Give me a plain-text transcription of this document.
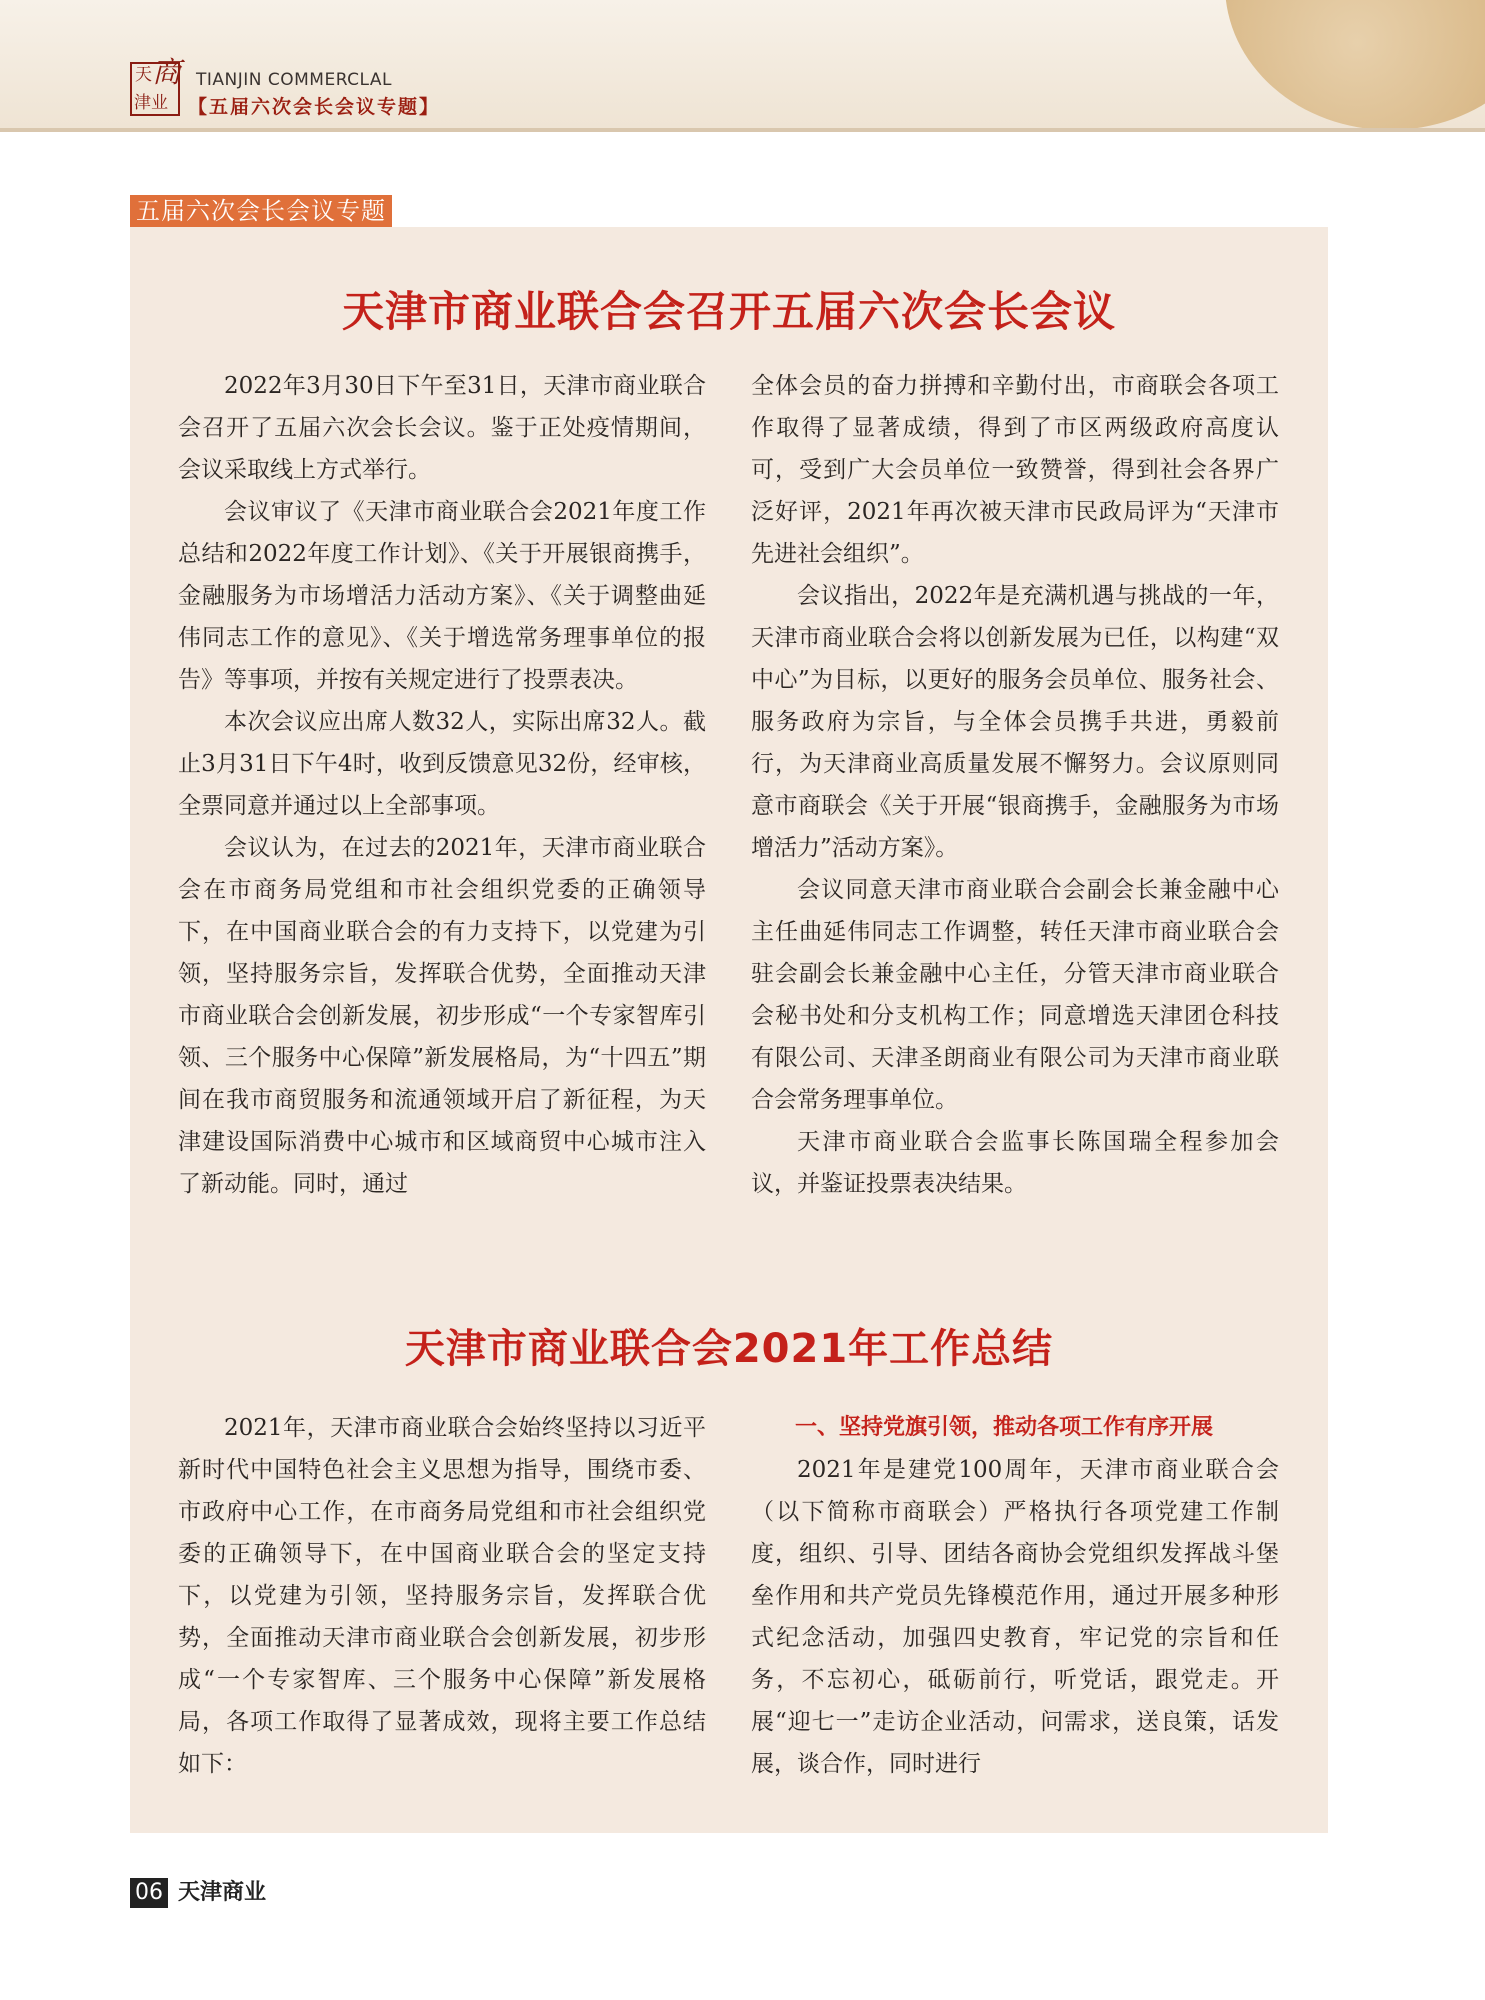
天 商
津业
TIANJIN COMMERCLAL
【五届六次会长会议专题】
五届六次会长会议专题
天津市商业联合会召开五届六次会长会议

2022年3月30日下午至31日，天津市商业联合会召开了五届六次会长会议。鉴于正处疫情期间，会议采取线上方式举行。

会议审议了《天津市商业联合会2021年度工作总结和2022年度工作计划》、《关于开展银商携手，金融服务为市场增活力活动方案》、《关于调整曲延伟同志工作的意见》、《关于增选常务理事单位的报告》等事项，并按有关规定进行了投票表决。

本次会议应出席人数32人，实际出席32人。截止3月31日下午4时，收到反馈意见32份，经审核，全票同意并通过以上全部事项。

会议认为，在过去的2021年，天津市商业联合会在市商务局党组和市社会组织党委的正确领导下，在中国商业联合会的有力支持下，以党建为引领，坚持服务宗旨，发挥联合优势，全面推动天津市商业联合会创新发展，初步形成“一个专家智库引领、三个服务中心保障”新发展格局，为“十四五”期间在我市商贸服务和流通领域开启了新征程，为天津建设国际消费中心城市和区域商贸中心城市注入了新动能。同时，通过

全体会员的奋力拼搏和辛勤付出，市商联会各项工作取得了显著成绩，得到了市区两级政府高度认可，受到广大会员单位一致赞誉，得到社会各界广泛好评，2021年再次被天津市民政局评为“天津市先进社会组织”。

会议指出，2022年是充满机遇与挑战的一年，天津市商业联合会将以创新发展为已任，以构建“双中心”为目标，以更好的服务会员单位、服务社会、服务政府为宗旨，与全体会员携手共进，勇毅前行，为天津商业高质量发展不懈努力。会议原则同意市商联会《关于开展“银商携手，金融服务为市场增活力”活动方案》。

会议同意天津市商业联合会副会长兼金融中心主任曲延伟同志工作调整，转任天津市商业联合会驻会副会长兼金融中心主任，分管天津市商业联合会秘书处和分支机构工作；同意增选天津团仓科技有限公司、天津圣朗商业有限公司为天津市商业联合会常务理事单位。

天津市商业联合会监事长陈国瑞全程参加会议，并鉴证投票表决结果。

天津市商业联合会2021年工作总结

2021年，天津市商业联合会始终坚持以习近平新时代中国特色社会主义思想为指导，围绕市委、市政府中心工作，在市商务局党组和市社会组织党委的正确领导下，在中国商业联合会的坚定支持下，以党建为引领，坚持服务宗旨，发挥联合优势，全面推动天津市商业联合会创新发展，初步形成“一个专家智库、三个服务中心保障”新发展格局，各项工作取得了显著成效，现将主要工作总结如下：

一、坚持党旗引领，推动各项工作有序开展

2021年是建党100周年，天津市商业联合会（以下简称市商联会）严格执行各项党建工作制度，组织、引导、团结各商协会党组织发挥战斗堡垒作用和共产党员先锋模范作用，通过开展多种形式纪念活动，加强四史教育，牢记党的宗旨和任务，不忘初心，砥砺前行，听党话，跟党走。开展“迎七一”走访企业活动，问需求，送良策，话发展，谈合作，同时进行

06 天津商业
